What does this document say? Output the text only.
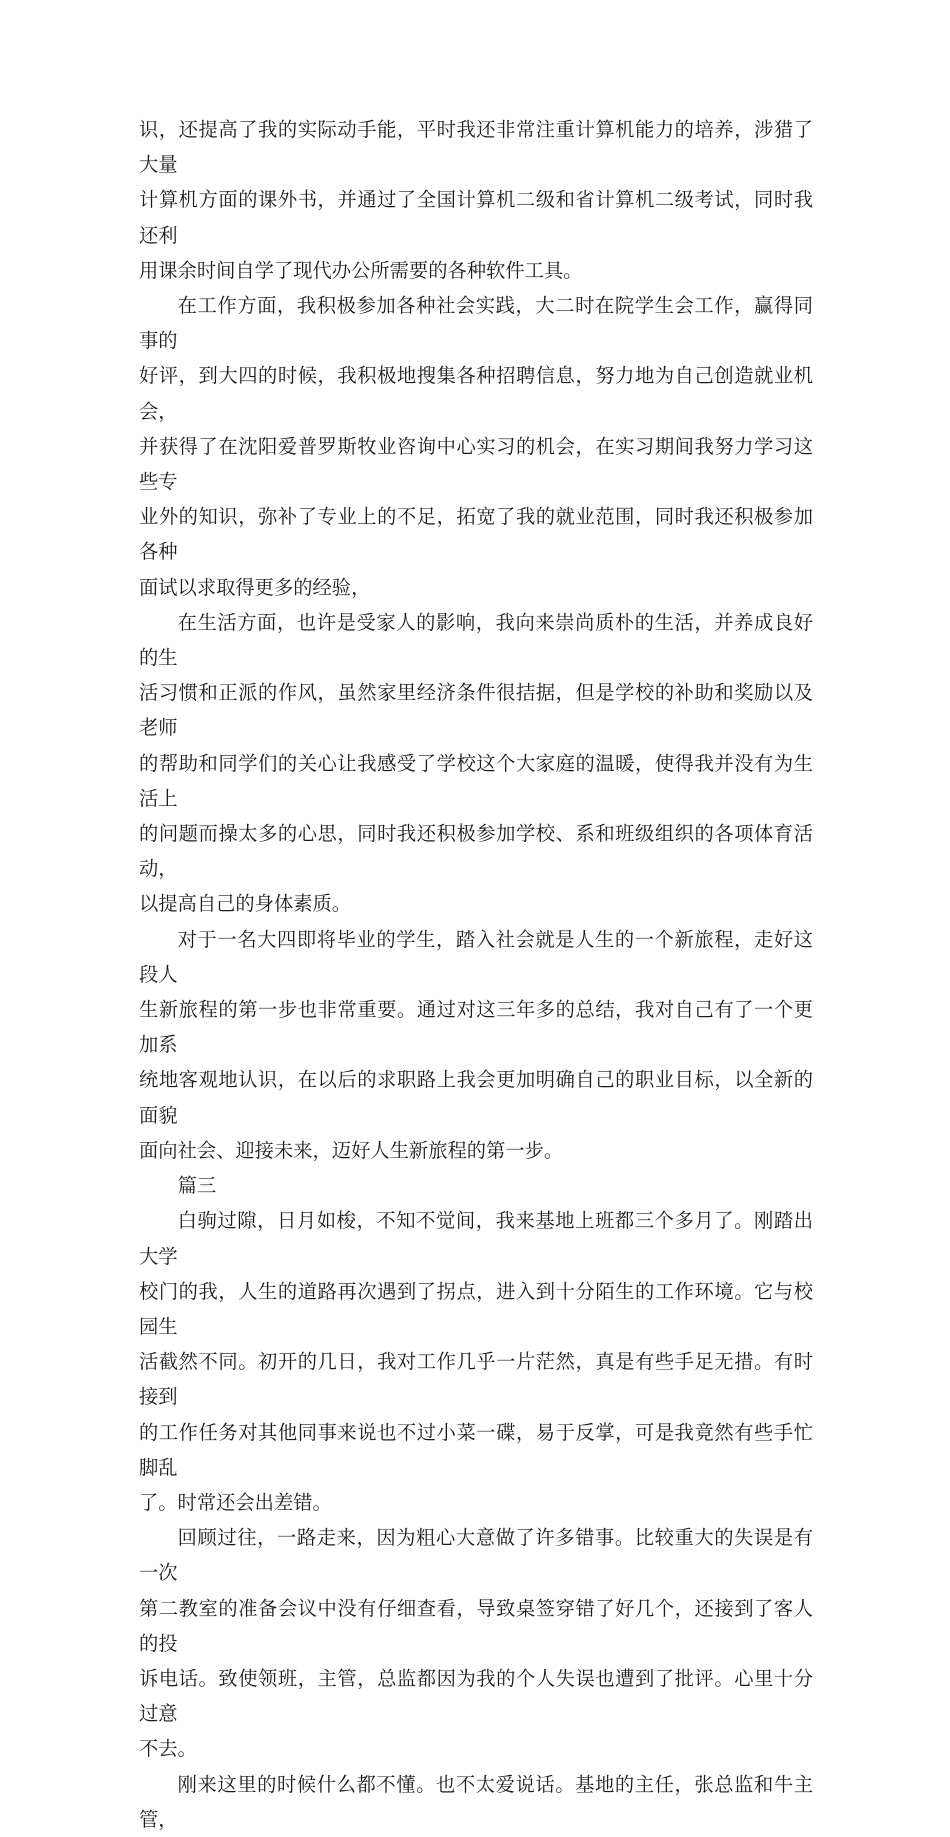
识，还提高了我的实际动手能，平时我还非常注重计算机能力的培养，涉猎了大量
计算机方面的课外书，并通过了全国计算机二级和省计算机二级考试，同时我还利
用课余时间自学了现代办公所需要的各种软件工具。

在工作方面，我积极参加各种社会实践，大二时在院学生会工作，赢得同事的
好评，到大四的时候，我积极地搜集各种招聘信息，努力地为自己创造就业机会，
并获得了在沈阳爱普罗斯牧业咨询中心实习的机会，在实习期间我努力学习这些专
业外的知识，弥补了专业上的不足，拓宽了我的就业范围，同时我还积极参加各种
面试以求取得更多的经验，

在生活方面，也许是受家人的影响，我向来崇尚质朴的生活，并养成良好的生
活习惯和正派的作风，虽然家里经济条件很拮据，但是学校的补助和奖励以及老师
的帮助和同学们的关心让我感受了学校这个大家庭的温暖，使得我并没有为生活上
的问题而操太多的心思，同时我还积极参加学校、系和班级组织的各项体育活动，
以提高自己的身体素质。

对于一名大四即将毕业的学生，踏入社会就是人生的一个新旅程，走好这段人
生新旅程的第一步也非常重要。通过对这三年多的总结，我对自己有了一个更加系
统地客观地认识，在以后的求职路上我会更加明确自己的职业目标，以全新的面貌
面向社会、迎接未来，迈好人生新旅程的第一步。

篇三

白驹过隙，日月如梭，不知不觉间，我来基地上班都三个多月了。刚踏出大学
校门的我，人生的道路再次遇到了拐点，进入到十分陌生的工作环境。它与校园生
活截然不同。初开的几日，我对工作几乎一片茫然，真是有些手足无措。有时接到
的工作任务对其他同事来说也不过小菜一碟，易于反掌，可是我竟然有些手忙脚乱
了。时常还会出差错。

回顾过往，一路走来，因为粗心大意做了许多错事。比较重大的失误是有一次
第二教室的准备会议中没有仔细查看，导致桌签穿错了好几个，还接到了客人的投
诉电话。致使领班，主管，总监都因为我的个人失误也遭到了批评。心里十分过意
不去。

刚来这里的时候什么都不懂。也不太爱说话。基地的主任，张总监和牛主管，
